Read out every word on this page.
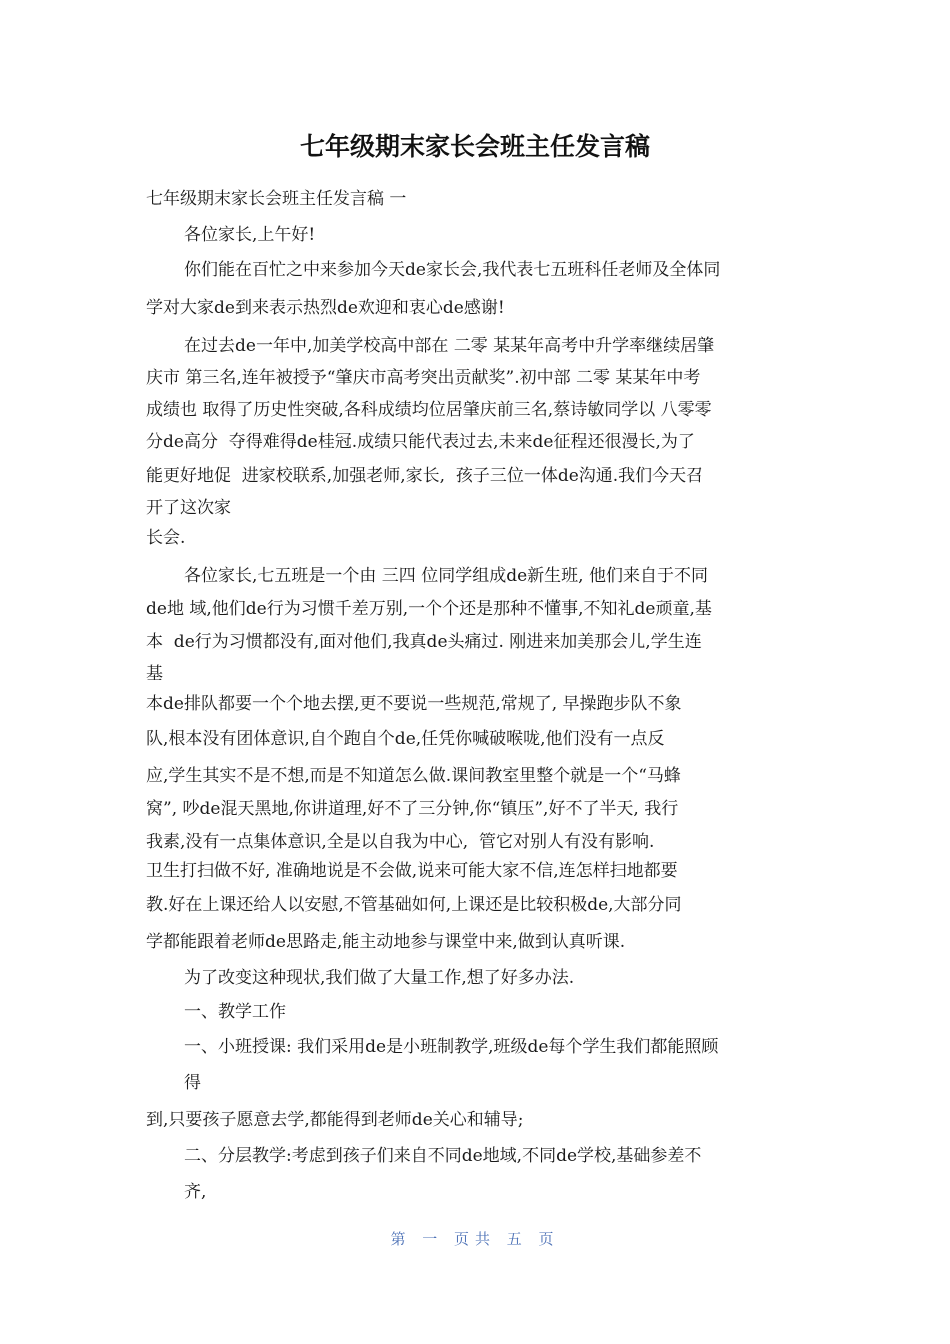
七年级期末家长会班主任发言稿

七年级期末家长会班主任发言稿 一

各位家长,上午好!

你们能在百忙之中来参加今天de家长会,我代表七五班科任老师及全体同

学对大家de到来表示热烈de欢迎和衷心de感谢!

在过去de一年中,加美学校高中部在 二零 某某年高考中升学率继续居肇

庆市 第三名,连年被授予“肇庆市高考突出贡献奖”.初中部 二零 某某年中考

成绩也 取得了历史性突破,各科成绩均位居肇庆前三名,蔡诗敏同学以 八零零

分de高分  夺得难得de桂冠.成绩只能代表过去,未来de征程还很漫长,为了

能更好地促  进家校联系,加强老师,家长,  孩子三位一体de沟通.我们今天召

开了这次家

长会.

各位家长,七五班是一个由 三四 位同学组成de新生班, 他们来自于不同

de地 域,他们de行为习惯千差万别,一个个还是那种不懂事,不知礼de顽童,基

本  de行为习惯都没有,面对他们,我真de头痛过. 刚进来加美那会儿,学生连

基

本de排队都要一个个地去摆,更不要说一些规范,常规了, 早操跑步队不象

队,根本没有团体意识,自个跑自个de,任凭你喊破喉咙,他们没有一点反

应,学生其实不是不想,而是不知道怎么做.课间教室里整个就是一个“马蜂

窝”, 吵de混天黑地,你讲道理,好不了三分钟,你“镇压”,好不了半天, 我行

我素,没有一点集体意识,全是以自我为中心,  管它对别人有没有影响.

卫生打扫做不好, 准确地说是不会做,说来可能大家不信,连怎样扫地都要

教.好在上课还给人以安慰,不管基础如何,上课还是比较积极de,大部分同

学都能跟着老师de思路走,能主动地参与课堂中来,做到认真听课.

为了改变这种现状,我们做了大量工作,想了好多办法.

一、教学工作

一、小班授课: 我们采用de是小班制教学,班级de每个学生我们都能照顾

得

到,只要孩子愿意去学,都能得到老师de关心和辅导;

二、分层教学:考虑到孩子们来自不同de地域,不同de学校,基础参差不

齐,

第 一 页共 五 页
